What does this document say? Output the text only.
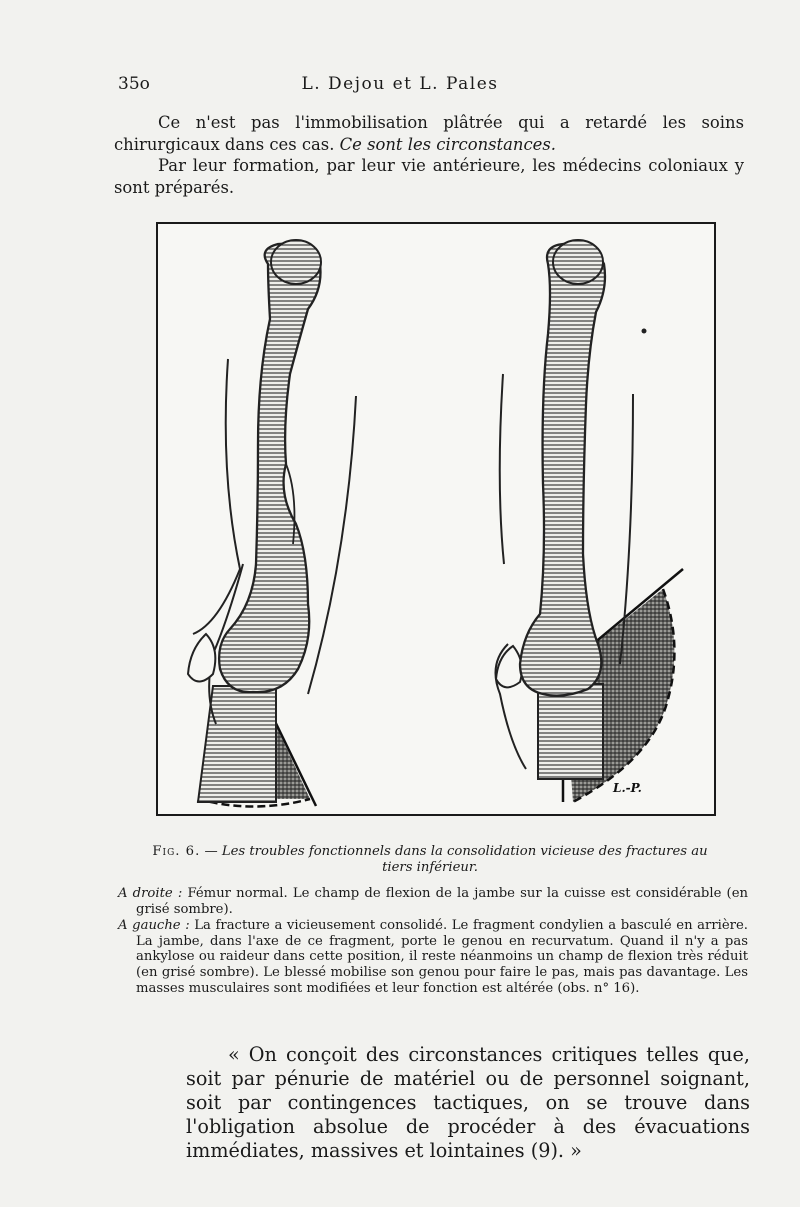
35o	L. Dejou et L. Pales

Ce n'est pas l'immobilisation plâtrée qui a retardé les soins chirurgicaux dans ces cas. Ce sont les circonstances.

Par leur formation, par leur vie antérieure, les médecins coloniaux y sont préparés.

L.-P.
Fig. 6. — Les troubles fonctionnels dans la consolidation vicieuse des fractures au tiers inférieur.

A droite : Fémur normal. Le champ de flexion de la jambe sur la cuisse est considérable (en grisé sombre).

A gauche : La fracture a vicieusement consolidé. Le fragment condylien a basculé en arrière. La jambe, dans l'axe de ce fragment, porte le genou en recurvatum. Quand il n'y a pas ankylose ou raideur dans cette position, il reste néanmoins un champ de flexion très réduit (en grisé sombre). Le blessé mobilise son genou pour faire le pas, mais pas davantage. Les masses musculaires sont modifiées et leur fonction est altérée (obs. n° 16).

« On conçoit des circonstances critiques telles que, soit par pénurie de matériel ou de personnel soignant, soit par contingences tactiques, on se trouve dans l'obligation absolue de procéder à des évacuations immédiates, massives et lointaines (9). »
